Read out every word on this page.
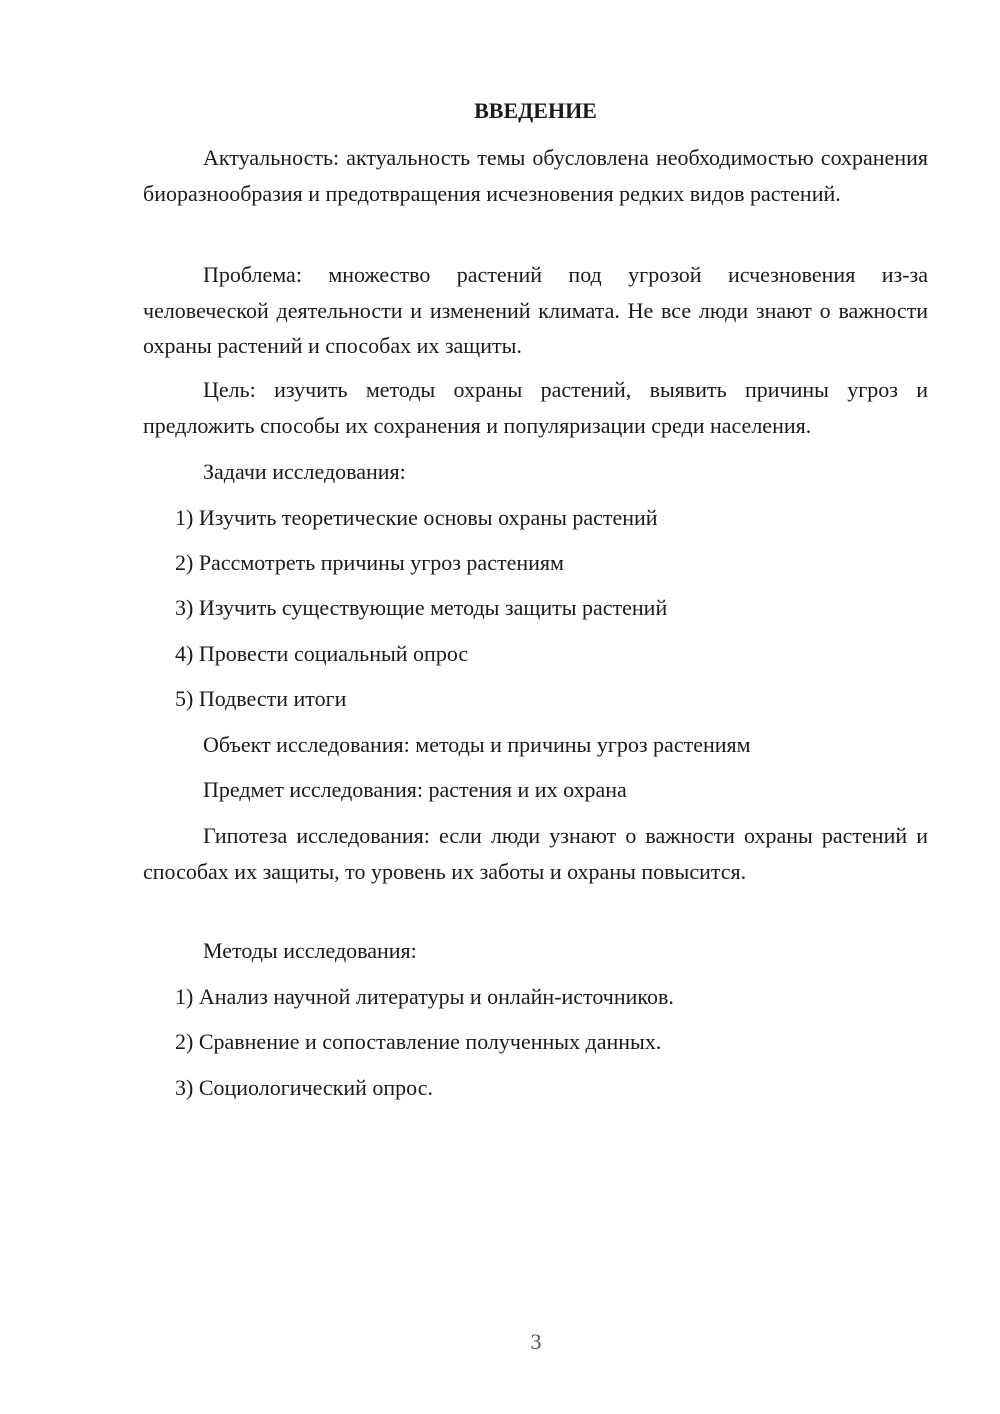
ВВЕДЕНИЕ

Актуальность: актуальность темы обусловлена необходимостью сохранения биоразнообразия и предотвращения исчезновения редких видов растений.

Проблема: множество растений под угрозой исчезновения из-за человеческой деятельности и изменений климата. Не все люди знают о важности охраны растений и способах их защиты.

Цель: изучить методы охраны растений, выявить причины угроз и предложить способы их сохранения и популяризации среди населения.

Задачи исследования:
1) Изучить теоретические основы охраны растений
2) Рассмотреть причины угроз растениям
3) Изучить существующие методы защиты растений
4) Провести социальный опрос
5) Подвести итоги
Объект исследования: методы и причины угроз растениям
Предмет исследования: растения и их охрана

Гипотеза исследования: если люди узнают о важности охраны растений и способах их защиты, то уровень их заботы и охраны повысится.

Методы исследования:
1) Анализ научной литературы и онлайн-источников.
2) Сравнение и сопоставление полученных данных.
3) Социологический опрос.
3
